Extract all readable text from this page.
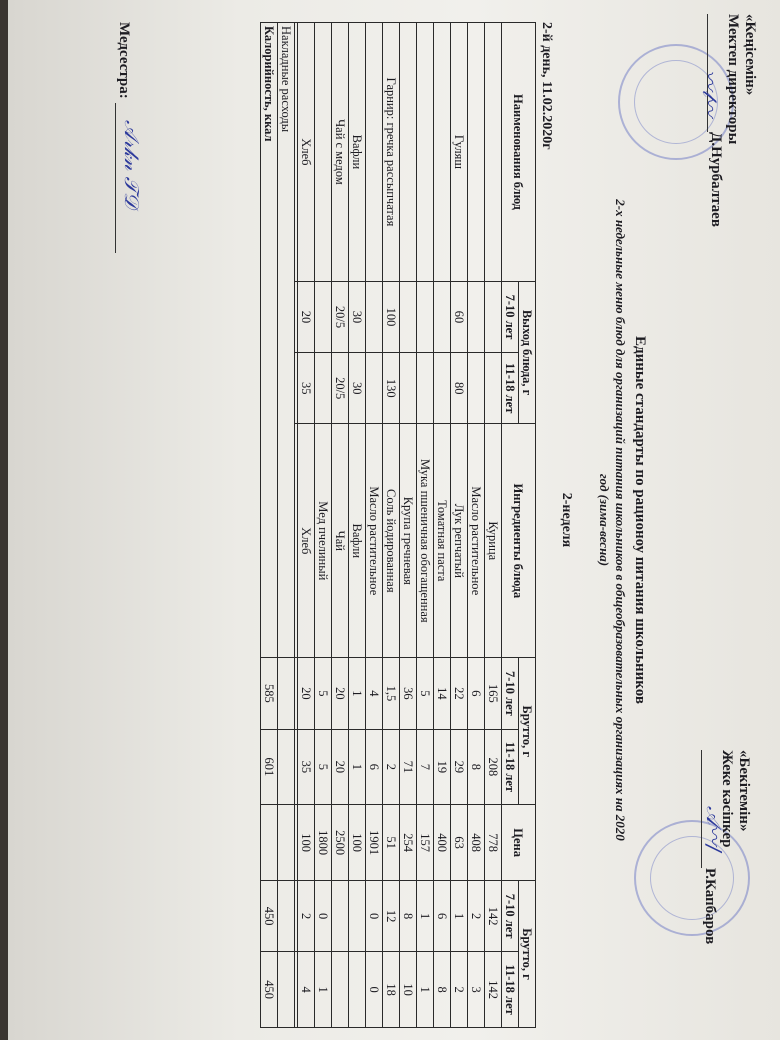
«Кеңісемін»
Мектеп директоры
Д.Нурбалтаев
〰𝓁〰
«Бекітемін»
Жеке кәсіпкер
Р.Капбаров
𝒜〰/
Единые стандарты по рационоу питания школьников
2-х недельные меню блюд для организаций питания школьников в общеобразовательных организациях на 2020 год (зима-весна)
2-неделя
2-й день, 11.02.2020г
Наименования блюд	Выход блюда, г		Ингредиенты блюда	Брутто, г		Цена	Брутто, г	
	7-10 лет	11-18 лет		7-10 лет	11-18 лет		7-10 лет	11-18 лет
			Курица	165	208	778	142	142
			Масло растительное	6	8	408	2	3
Гуляш	60	80	Лук репчатый	22	29	63	1	2
			Томатная паста	14	19	400	6	8
			Мука пшеничная обогащенная	5	7	157	1	1
			Крупа гречневая	36	71	254	8	10
Гарнир: гречка рассыпчатая	100	130	Соль йодированная	1,5	2	51	12	18
			Масло растительное	4	6	1901	0	0
Вафли	30	30	Вафли	1	1	100		
Чай с медом	20/5	20/5	Чай	20	20	2500		
			Мед пчелиный	5	5	1800	0	1
Хлеб	20	35	Хлеб	20	35	100	2	4

Накладные расходы								
Калорийность, ккал				585	601		450	450
Медсестра:
𝒜𝓇𝓀𝓃 𝒯𝒟
